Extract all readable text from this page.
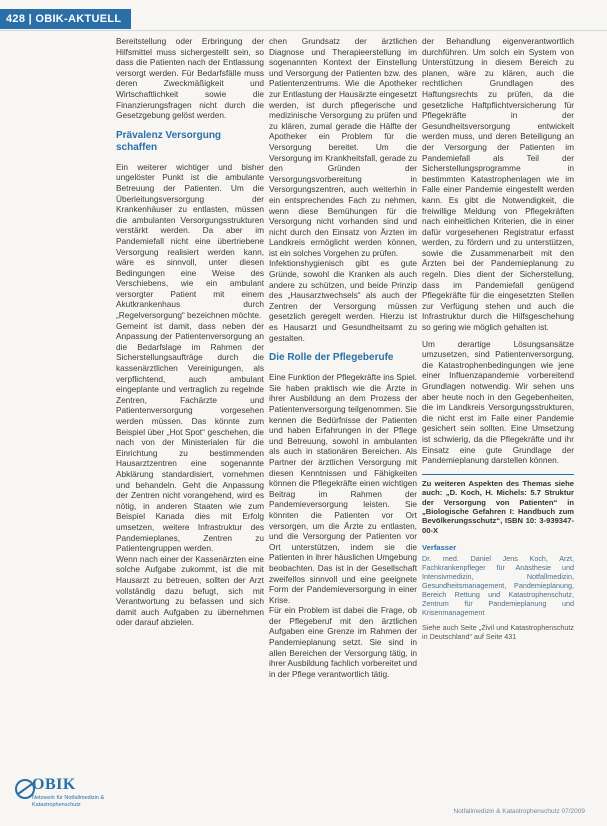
428 | OBIK-AKTUELL

Bereitstellung oder Erbringung der Hilfsmittel muss sichergestellt sein, so dass die Patienten nach der Entlassung versorgt werden. Für Bedarfsfälle muss deren Zweckmäßigkeit und Wirtschaftlichkeit sowie die Finanzierungsfragen nicht durch die Gesetzgebung gelöst werden.

Prävalenz Versorgung schaffen

Ein weiterer wichtiger und bisher ungelöster Punkt ist die ambulante Betreuung der Patienten. Um die Überleitungsversorgung der Krankenhäuser zu entlasten, müssen die ambulanten Versorgungsstrukturen verstärkt werden. Da aber im Pandemiefall nicht eine übertriebene Versorgung realisiert werden kann, wäre es sinnvoll, unter diesen Bedingungen eine Weise des Verschiebens, wie ein ambulant versorgter Patient mit einem Akutkrankenhaus durch „Regelversorgung“ bezeichnen möchte.

Gemeint ist damit, dass neben der Anpassung der Patientenversorgung an die Bedarfslage im Rahmen der Sicherstellungsaufträge durch die kassenärztlichen Vereinigungen, als verpflichtend, auch ambulant eingeplante und vertraglich zu regelnde Zentren, Fachärzte und Patientenversorgung vorgesehen werden müssen. Das könnte zum Beispiel über „Hot Spot“ geschehen, die nach von der Ministerialen für die Einrichtung zu bestimmenden Hausarztzentren eine sogenannte Abklärung standardisiert, vornehmen und behandeln. Geht die Anpassung der Zentren nicht vorangehend, wird es nötig, in anderen Staaten wie zum Beispiel Kanada dies mit Erfolg umsetzen, weitere Infrastruktur des Pandemieplanes, Zentren zu Patientengruppen werden.

Wenn nach einer der Kassenärzten eine solche Aufgabe zukommt, ist die mit Hausarzt zu betreuen, sollten der Arzt vollständig dazu befugt, sich mit Verantwortung zu befassen und sich damit auch Aufgaben zu übernehmen oder darauf abzielen.

chen Grundsatz der ärztlichen Diagnose und Therapieerstellung im sogenannten Kontext der Einstellung und Versorgung der Patienten bzw. des Patientenzentrums. Wie die Apotheker zur Entlastung der Hausärzte eingesetzt werden, ist durch pflegerische und medizinische Versorgung zu prüfen und zu klären, zumal gerade die Hälfte der Apotheker ein Problem für die Versorgung bereitet. Um die Versorgung im Krankheitsfall, gerade zu den Gründen der Versorgungsvorbereitung in Versorgungszentren, auch weiterhin in ein entsprechendes Fach zu nehmen, wenn diese Bemühungen für die Versorgung nicht vorhanden sind und nicht durch den Einsatz von Ärzten im Landkreis ermöglicht werden können, ist ein solches Vorgehen zu prüfen.

Infektionshygienisch gibt es gute Gründe, sowohl die Kranken als auch andere zu schützen, und beide Prinzip des „Hausarztwechsels“ als auch der Zentren der Versorgung müssen gesetzlich geregelt werden. Hierzu ist es Hausarzt und Gesundheitsamt zu gestalten.

Die Rolle der Pflegeberufe

Eine Funktion der Pflegekräfte ins Spiel. Sie haben praktisch wie die Ärzte in ihrer Ausbildung an dem Prozess der Patientenversorgung teilgenommen. Sie kennen die Bedürfnisse der Patienten und haben Erfahrungen in der Pflege und Betreuung, sowohl in ambulanten als auch in stationären Bereichen. Als Partner der ärztlichen Versorgung mit diesen Kenntnissen und Fähigkeiten können die Pflegekräfte einen wichtigen Beitrag im Rahmen der Pandemieversorgung leisten. Sie könnten die Patienten vor Ort versorgen, um die Ärzte zu entlasten, und die Versorgung der Patienten vor Ort unterstützen, indem sie die Patienten in ihrer häuslichen Umgebung beobachten. Das ist in der Gesellschaft zweifellos sinnvoll und eine geeignete Form der Pandemieversorgung in einer Krise.

Für ein Problem ist dabei die Frage, ob der Pflegeberuf mit den ärztlichen Aufgaben eine Grenze im Rahmen der Pandemieplanung setzt. Sie sind in allen Bereichen der Versorgung tätig, in ihrer Ausbildung fachlich vorbereitet und in der Pflege verantwortlich tätig.

der Behandlung eigenverantwortlich durchführen. Um solch ein System von Unterstützung in diesem Bereich zu planen, wäre zu klären, auch die rechtlichen Grundlagen des Haftungsrechts zu prüfen, da die gesetzliche Haftpflichtversicherung für Pflegekräfte in der Gesundheitsversorgung entwickelt werden muss, und deren Beteiligung an der Versorgung der Patienten im Pandemiefall als Teil der Sicherstellungsprogramme in bestimmten Katastrophenlagen wie im Falle einer Pandemie eingestellt werden kann. Es gibt die Notwendigkeit, die freiwillige Meldung von Pflegekräften nach einheitlichen Kriterien, die in einer dafür vorgesehenen Registratur erfasst werden, zu fördern und zu unterstützen, sowie die Zusammenarbeit mit den Ärzten bei der Pandemieplanung zu regeln. Dies dient der Sicherstellung, dass im Pandemiefall genügend Pflegekräfte für die eingesetzten Stellen zur Verfügung stehen und auch die Infrastruktur durch die Hilfsgeschehung so gering wie möglich gehalten ist.

Um derartige Lösungsansätze umzusetzen, sind Patientenversorgung, die Katastrophenbedingungen wie jene einer Influenzapandemie vorbereitend Grundlagen notwendig. Wir sehen uns aber heute noch in den Gegebenheiten, die im Landkreis Versorgungsstrukturen, die nicht erst im Falle einer Pandemie gesichert sein sollten. Eine Umsetzung ist schwierig, da die Pflegekräfte und ihr Einsatz eine gute Grundlage der Pandemieplanung darstellen können.

Zu weiteren Aspekten des Themas siehe auch: „D. Koch, H. Michels: 5.7 Struktur der Versorgung von Patienten“ in „Biologische Gefahren I: Handbuch zum Bevölkerungsschutz“, ISBN 10: 3-939347-00-X
Verfasser
Dr. med. Daniel Jens Koch, Arzt, Fachkrankenpfleger für Anästhesie und Intensivmedizin, Notfallmedizin, Gesundheitsmanagement, Pandemieplanung, Bereich Rettung und Katastrophenschutz, Zentrum für Pandemieplanung und Krisenmanagement
Siehe auch Seite „Zivil und Katastrophenschutz in Deutschland“ auf Seite 431
OBIK
Netzwerk für Notfallmedizin & Katastrophenschutz
Notfallmedizin & Katastrophenschutz 07/2009
